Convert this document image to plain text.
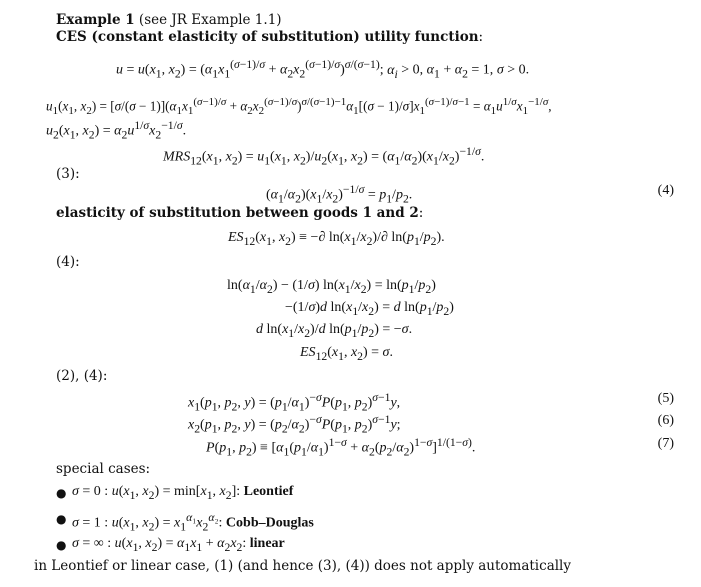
Example 1 (see JR Example 1.1)
CES (constant elasticity of substitution) utility function:
$u = u(x_1$, $x_2) = (\alpha_1x_1^{(\sigma-1)/\sigma} + \alpha_2x_2^{(\sigma-1)/\sigma})^{\sigma/(\sigma-1)}$; $\alpha_i > 0$, $\alpha_1 + \alpha_2 = 1$, σ > 0.
$u_1(x_1$, $x_2) = [\sigma/(\sigma - 1)](\alpha_1x_1^{(\sigma-1)/\sigma} + \alpha_2x_2^{(\sigma-1)/\sigma})^{\sigma/(\sigma-1)-1}\alpha_1[(\sigma - 1)/\sigma]x_1^{(\sigma-1)/\sigma-1} = \alpha_1u^{1/\sigma}x_1^{-1/\sigma}$,
$u_2(x_1$, $x_2) = \alpha_2u^{1/\sigma}x_2^{-1/\sigma}$.
$MRS_{12}(x_1$, $x_2) = u_1(x_1$, $x_2)/u_2(x_1$, $x_2) = (\alpha_1/\alpha_2)(x_1/x_2)^{-1/\sigma}$.
(3):
$(\alpha_1/\alpha_2)(x_1/x_2)^{-1/\sigma} = p_1/p_2$.	(4)
elasticity of substitution between goods 1 and 2:
$ES_{12}(x_1$, $x_2$) ≡ −∂ $\ln(x_1/x_2)/\partial$ $\ln(p_1/p_2)$.
(4):
$\ln(\alpha_1/\alpha_2) - (1/\sigma) \ln(x_1/x_2) = \ln(p_1/p_2)$
−(1/σ)d $\ln(x_1/x_2) = d$ $\ln(p_1/p_2)$
d $\ln(x_1/x_2)/d$ $\ln(p_1/p_2) = -\sigma$.
$ES_{12}(x_1$, $x_2) = \sigma$.
(2), (4):
$x_1(p_1$, $p_2$, $y) = (p_1/\alpha_1)^{-\sigma}P(p_1$, $p_2)^{\sigma-1}y$,	(5)
$x_2(p_1$, $p_2$, $y) = (p_2/\alpha_2)^{-\sigma}P(p_1$, $p_2)^{\sigma-1}y$;	(6)
$P(p_1$, $p_2) \equiv [\alpha_1(p_1/\alpha_1)^{1-\sigma} + \alpha_2(p_2/\alpha_2)^{1-\sigma}]^{1/(1-\sigma)}$.	(7)
special cases:
● σ = 0 : $u(x_1$, $x_2) = \min[x_1$, $x_2$]: Leontief
● σ = 1 : $u(x_1$, $x_2) = x_1^{\alpha_1}x_2^{\alpha_2}$: Cobb–Douglas
● σ = ∞ : $u(x_1$, $x_2) = \alpha_1x_1 + \alpha_2x_2$: linear
in Leontief or linear case, (1) (and hence (3), (4)) does not apply automatically
